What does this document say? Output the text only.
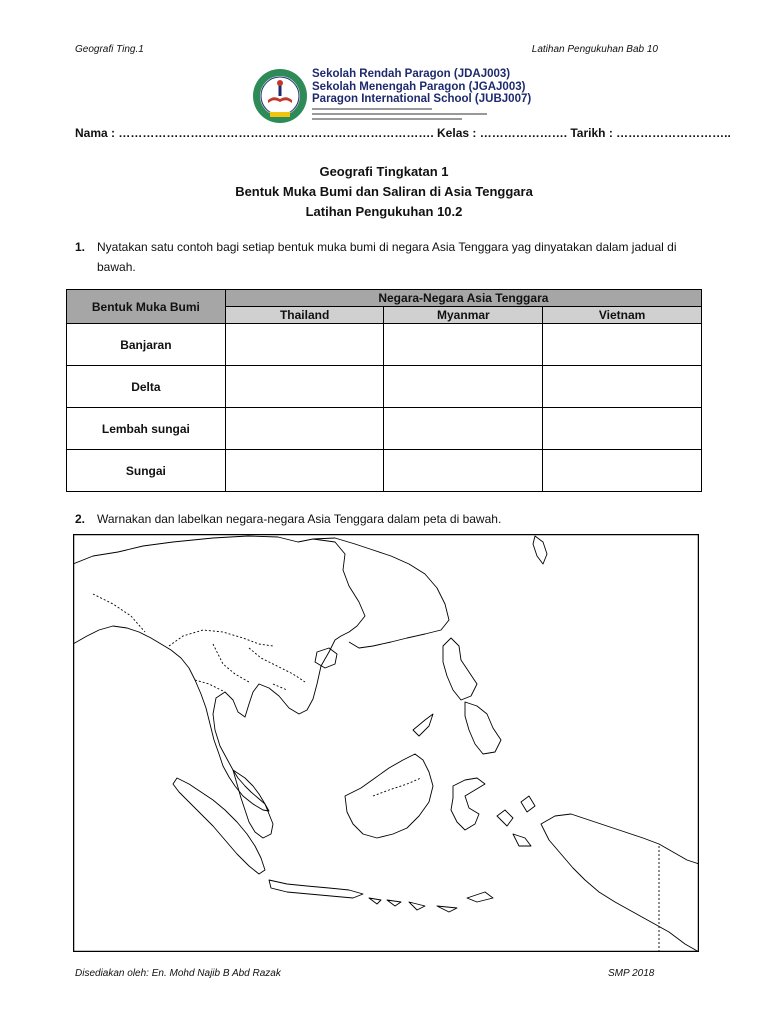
Geografi Ting.1	Latihan Pengukuhan Bab 10
Sekolah Rendah Paragon (JDAJ003)
Sekolah Menengah Paragon (JGAJ003)
Paragon International School (JUBJ007)
Nama : ……………………………………………………………………. Kelas : …………………. Tarikh : ………………………..
Geografi Tingkatan 1
Bentuk Muka Bumi dan Saliran di Asia Tenggara
Latihan Pengukuhan 10.2
1. Nyatakan satu contoh bagi setiap bentuk muka bumi di negara Asia Tenggara yag dinyatakan dalam jadual di bawah.
Bentuk Muka Bumi	Negara-Negara Asia Tenggara		
	Thailand	Myanmar	Vietnam
Banjaran			
Delta			
Lembah sungai			
Sungai			
2. Warnakan dan labelkan negara-negara Asia Tenggara dalam peta di bawah.
Disediakan oleh: En. Mohd Najib B Abd Razak	SMP 2018
